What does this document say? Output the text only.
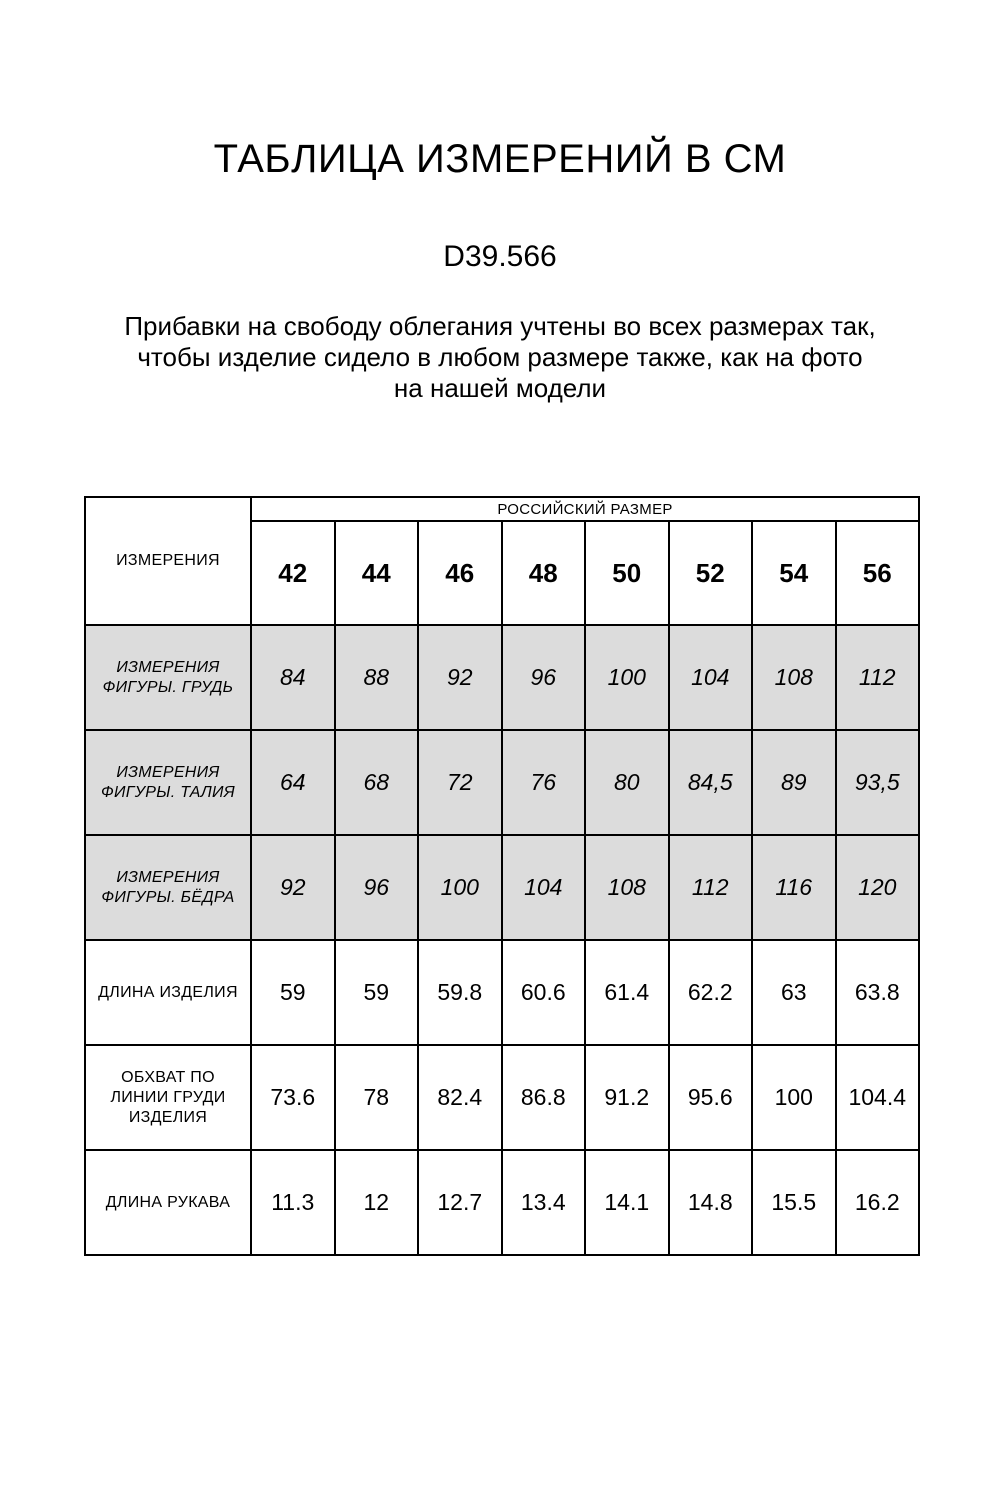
ТАБЛИЦА ИЗМЕРЕНИЙ В СМ
D39.566
Прибавки на свободу облегания учтены во всех размерах так,
чтобы изделие сидело в любом размере также, как на фото
на нашей модели
ИЗМЕРЕНИЯ	РОССИЙСКИЙ РАЗМЕР							
	42	44	46	48	50	52	54	56

ИЗМЕРЕНИЯ
ФИГУРЫ. ГРУДЬ	84	88	92	96	100	104	108	112

ИЗМЕРЕНИЯ
ФИГУРЫ. ТАЛИЯ	64	68	72	76	80	84,5	89	93,5

ИЗМЕРЕНИЯ
ФИГУРЫ. БЁДРА	92	96	100	104	108	112	116	120

ДЛИНА ИЗДЕЛИЯ	59	59	59.8	60.6	61.4	62.2	63	63.8

ОБХВАТ ПО
ЛИНИИ ГРУДИ
ИЗДЕЛИЯ	73.6	78	82.4	86.8	91.2	95.6	100	104.4

ДЛИНА РУКАВА	11.3	12	12.7	13.4	14.1	14.8	15.5	16.2
